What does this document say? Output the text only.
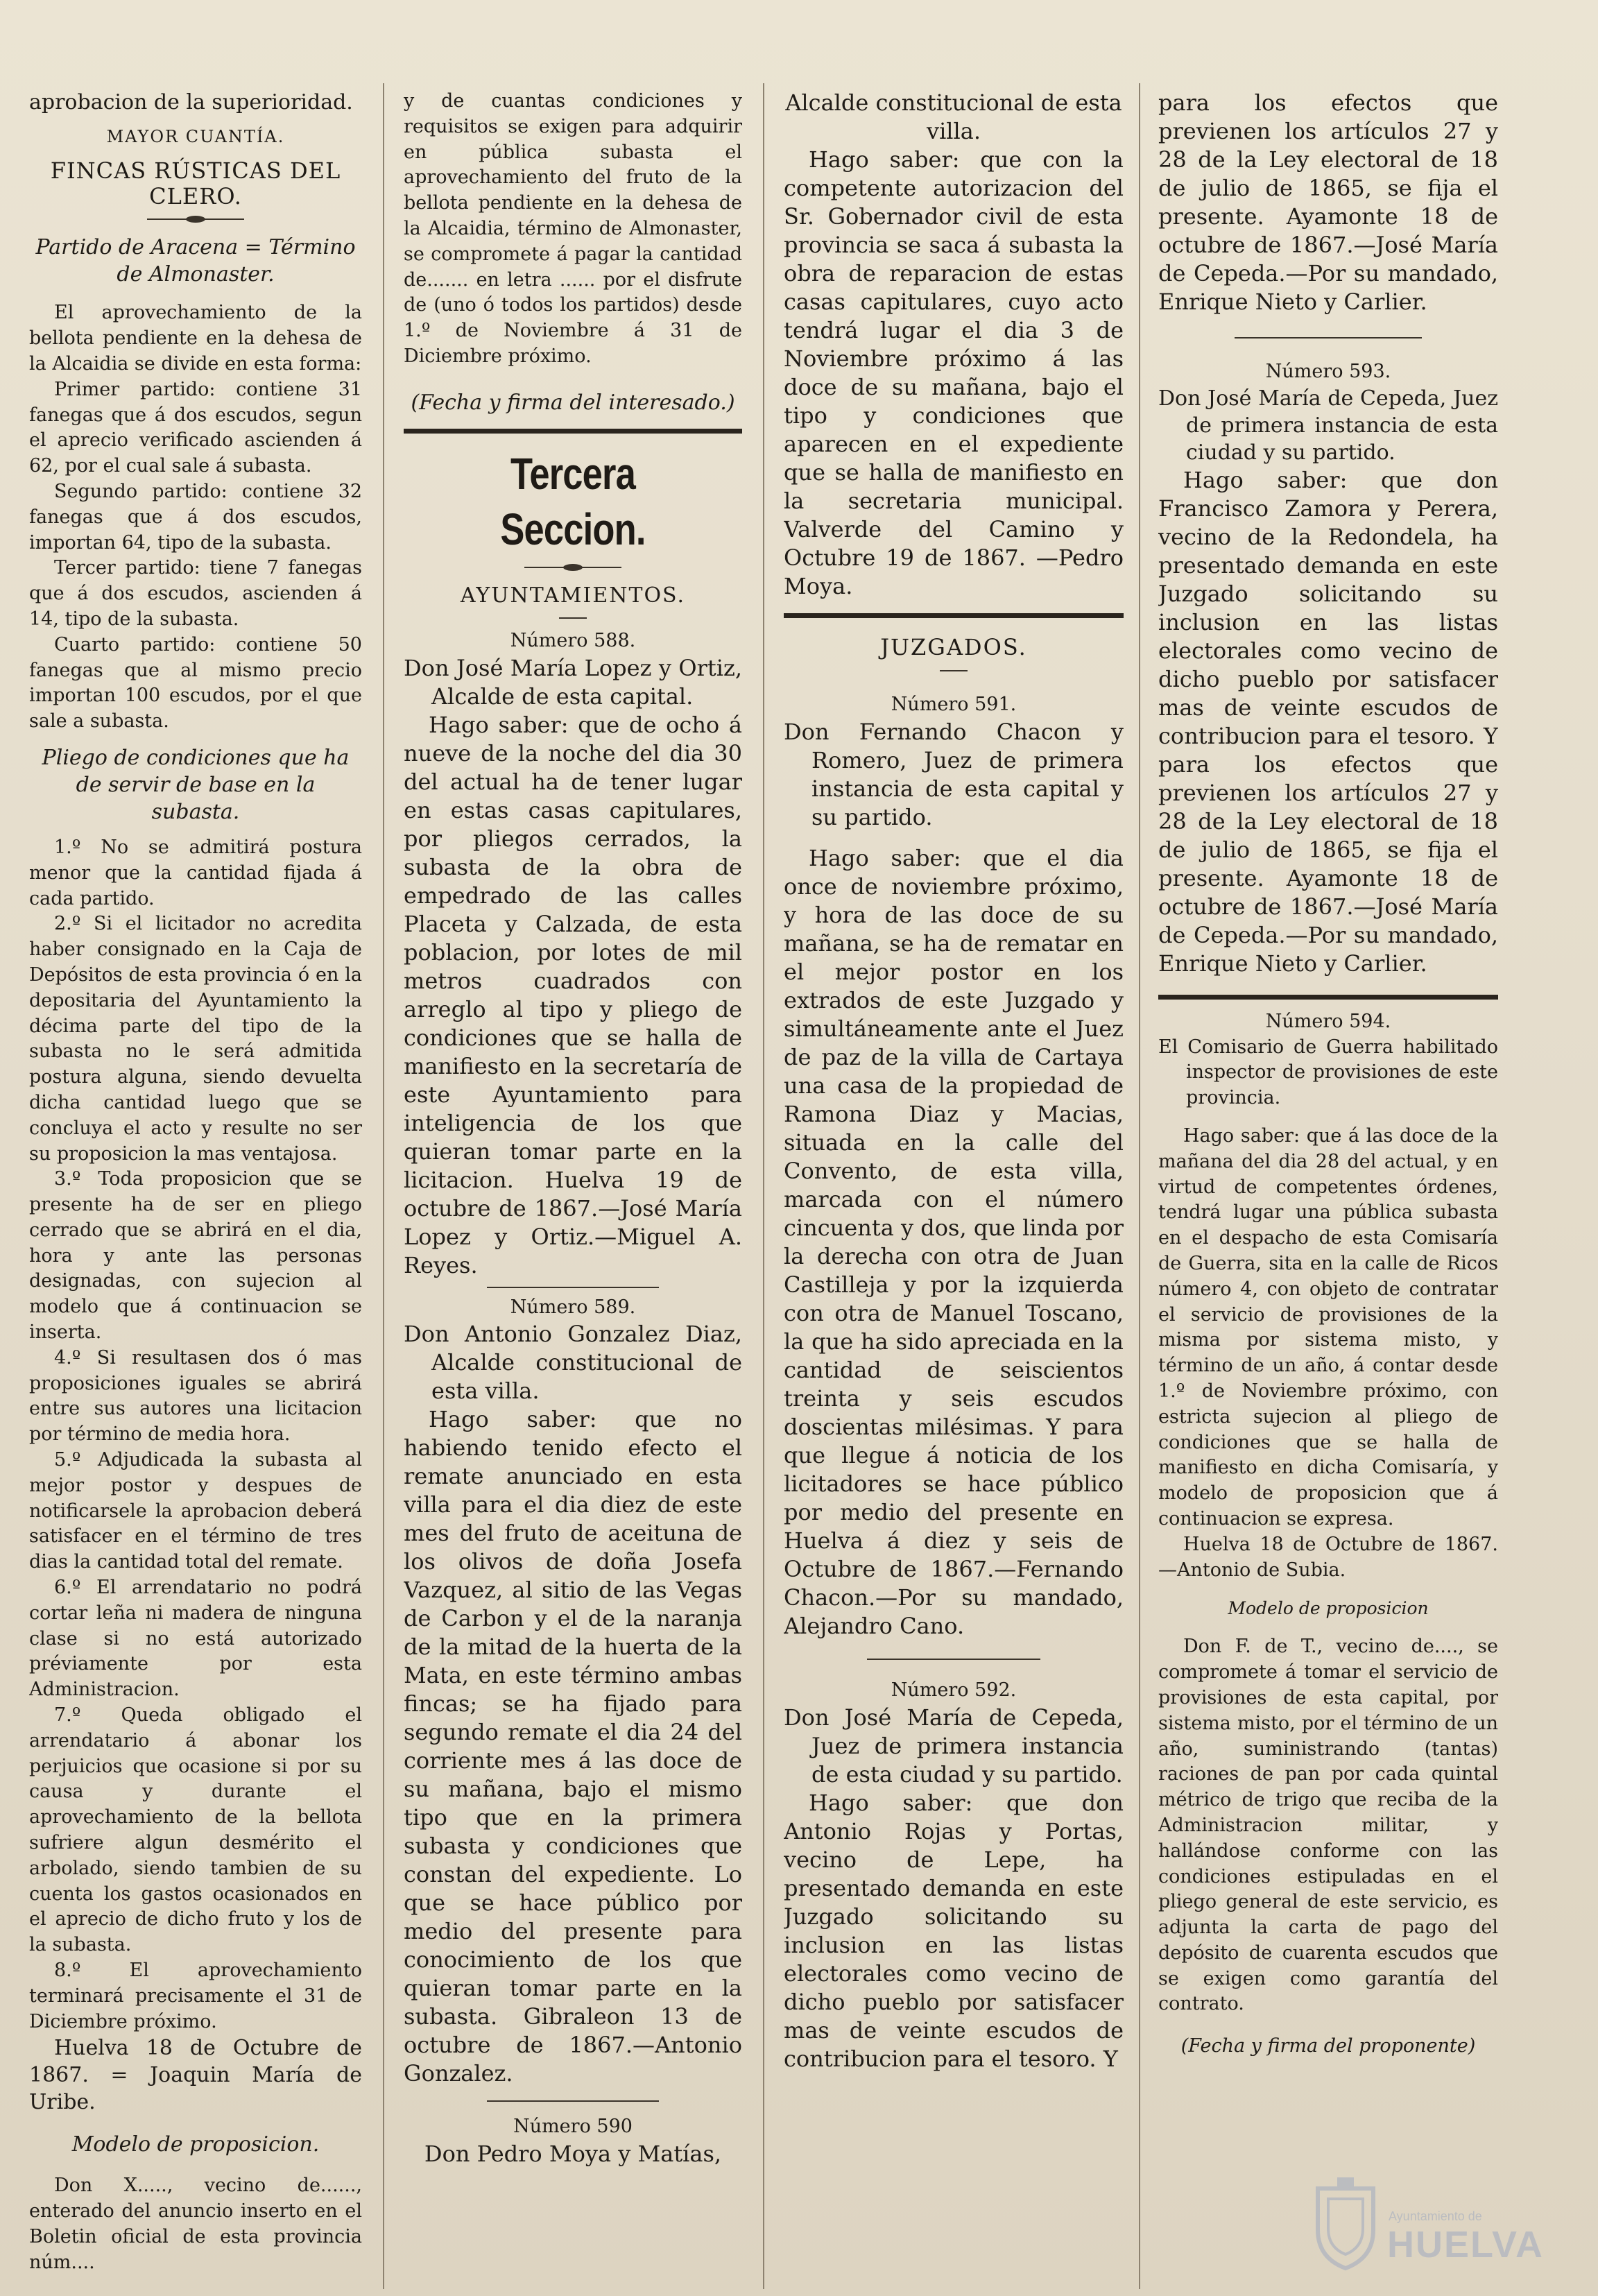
aprobacion de la superioridad.

MAYOR CUANTÍA.

FINCAS RÚSTICAS DEL CLERO.

Partido de Aracena = Término de Almonaster.

El aprovechamiento de la bellota pendiente en la dehesa de la Alcaidia se divide en esta forma:

Primer partido: contiene 31 fanegas que á dos escudos, segun el aprecio verificado ascienden á 62, por el cual sale á subasta.

Segundo partido: contiene 32 fanegas que á dos escudos, importan 64, tipo de la subasta.

Tercer partido: tiene 7 fanegas que á dos escudos, ascienden á 14, tipo de la subasta.

Cuarto partido: contiene 50 fanegas que al mismo precio importan 100 escudos, por el que sale a subasta.

Pliego de condiciones que ha de servir de base en la subasta.

1.º No se admitirá postura menor que la cantidad fijada á cada partido.

2.º Si el licitador no acredita haber consignado en la Caja de Depósitos de esta provincia ó en la depositaria del Ayuntamiento la décima parte del tipo de la subasta no le será admitida postura alguna, siendo devuelta dicha cantidad luego que se concluya el acto y resulte no ser su proposicion la mas ventajosa.

3.º Toda proposicion que se presente ha de ser en pliego cerrado que se abrirá en el dia, hora y ante las personas designadas, con sujecion al modelo que á continuacion se inserta.

4.º Si resultasen dos ó mas proposiciones iguales se abrirá entre sus autores una licitacion por término de media hora.

5.º Adjudicada la subasta al mejor postor y despues de notificarsele la aprobacion deberá satisfacer en el término de tres dias la cantidad total del remate.

6.º El arrendatario no podrá cortar leña ni madera de ninguna clase si no está autorizado préviamente por esta Administracion.

7.º Queda obligado el arrendatario á abonar los perjuicios que ocasione si por su causa y durante el aprovechamiento de la bellota sufriere algun desmérito el arbolado, siendo tambien de su cuenta los gastos ocasionados en el aprecio de dicho fruto y los de la subasta.

8.º El aprovechamiento terminará precisamente el 31 de Diciembre próximo.

Huelva 18 de Octubre de 1867. = Joaquin María de Uribe.

Modelo de proposicion.

Don X....., vecino de......, enterado del anuncio inserto en el Boletin oficial de esta provincia núm....

y de cuantas condiciones y requisitos se exigen para adquirir en pública subasta el aprovechamiento del fruto de la bellota pendiente en la dehesa de la Alcaidia, término de Almonaster, se compromete á pagar la cantidad de....... en letra ...... por el disfrute de (uno ó todos los partidos) desde 1.º de Noviembre á 31 de Diciembre próximo.

(Fecha y firma del interesado.)

Tercera Seccion.

AYUNTAMIENTOS.

Número 588.

Don José María Lopez y Ortiz, Alcalde de esta capital.

Hago saber: que de ocho á nueve de la noche del dia 30 del actual ha de tener lugar en estas casas capitulares, por pliegos cerrados, la subasta de la obra de empedrado de las calles Placeta y Calzada, de esta poblacion, por lotes de mil metros cuadrados con arreglo al tipo y pliego de condiciones que se halla de manifiesto en la secretaría de este Ayuntamiento para inteligencia de los que quieran tomar parte en la licitacion. Huelva 19 de octubre de 1867.—José María Lopez y Ortiz.—Miguel A. Reyes.

Número 589.

Don Antonio Gonzalez Diaz, Alcalde constitucional de esta villa.

Hago saber: que no habiendo tenido efecto el remate anunciado en esta villa para el dia diez de este mes del fruto de aceituna de los olivos de doña Josefa Vazquez, al sitio de las Vegas de Carbon y el de la naranja de la mitad de la huerta de la Mata, en este término ambas fincas; se ha fijado para segundo remate el dia 24 del corriente mes á las doce de su mañana, bajo el mismo tipo que en la primera subasta y condiciones que constan del expediente. Lo que se hace público por medio del presente para conocimiento de los que quieran tomar parte en la subasta. Gibraleon 13 de octubre de 1867.—Antonio Gonzalez.

Número 590

Don Pedro Moya y Matías,

Alcalde constitucional de esta villa.

Hago saber: que con la competente autorizacion del Sr. Gobernador civil de esta provincia se saca á subasta la obra de reparacion de estas casas capitulares, cuyo acto tendrá lugar el dia 3 de Noviembre próximo á las doce de su mañana, bajo el tipo y condiciones que aparecen en el expediente que se halla de manifiesto en la secretaria municipal. Valverde del Camino y Octubre 19 de 1867. —Pedro Moya.

JUZGADOS.

Número 591.

Don Fernando Chacon y Romero, Juez de primera instancia de esta capital y su partido.

Hago saber: que el dia once de noviembre próximo, y hora de las doce de su mañana, se ha de rematar en el mejor postor en los extrados de este Juzgado y simultáneamente ante el Juez de paz de la villa de Cartaya una casa de la propiedad de Ramona Diaz y Macias, situada en la calle del Convento, de esta villa, marcada con el número cincuenta y dos, que linda por la derecha con otra de Juan Castilleja y por la izquierda con otra de Manuel Toscano, la que ha sido apreciada en la cantidad de seiscientos treinta y seis escudos doscientas milésimas. Y para que llegue á noticia de los licitadores se hace público por medio del presente en Huelva á diez y seis de Octubre de 1867.—Fernando Chacon.—Por su mandado, Alejandro Cano.

Número 592.

Don José María de Cepeda, Juez de primera instancia de esta ciudad y su partido.

Hago saber: que don Antonio Rojas y Portas, vecino de Lepe, ha presentado demanda en este Juzgado solicitando su inclusion en las listas electorales como vecino de dicho pueblo por satisfacer mas de veinte escudos de contribucion para el tesoro. Y

para los efectos que previenen los artículos 27 y 28 de la Ley electoral de 18 de julio de 1865, se fija el presente. Ayamonte 18 de octubre de 1867.—José María de Cepeda.—Por su mandado, Enrique Nieto y Carlier.

Número 593.

Don José María de Cepeda, Juez de primera instancia de esta ciudad y su partido.

Hago saber: que don Francisco Zamora y Perera, vecino de la Redondela, ha presentado demanda en este Juzgado solicitando su inclusion en las listas electorales como vecino de dicho pueblo por satisfacer mas de veinte escudos de contribucion para el tesoro. Y para los efectos que previenen los artículos 27 y 28 de la Ley electoral de 18 de julio de 1865, se fija el presente. Ayamonte 18 de octubre de 1867.—José María de Cepeda.—Por su mandado, Enrique Nieto y Carlier.

Número 594.

El Comisario de Guerra habilitado inspector de provisiones de este provincia.

Hago saber: que á las doce de la mañana del dia 28 del actual, y en virtud de competentes órdenes, tendrá lugar una pública subasta en el despacho de esta Comisaría de Guerra, sita en la calle de Ricos número 4, con objeto de contratar el servicio de provisiones de la misma por sistema misto, y término de un año, á contar desde 1.º de Noviembre próximo, con estricta sujecion al pliego de condiciones que se halla de manifiesto en dicha Comisaría, y modelo de proposicion que á continuacion se expresa.

Huelva 18 de Octubre de 1867. —Antonio de Subia.

Modelo de proposicion

Don F. de T., vecino de...., se compromete á tomar el servicio de provisiones de esta capital, por sistema misto, por el término de un año, suministrando (tantas) raciones de pan por cada quintal métrico de trigo que reciba de la Administracion militar, y hallándose conforme con las condiciones estipuladas en el pliego general de este servicio, es adjunta la carta de pago del depósito de cuarenta escudos que se exigen como garantía del contrato.

(Fecha y firma del proponente)

Ayuntamiento de
HUELVA
